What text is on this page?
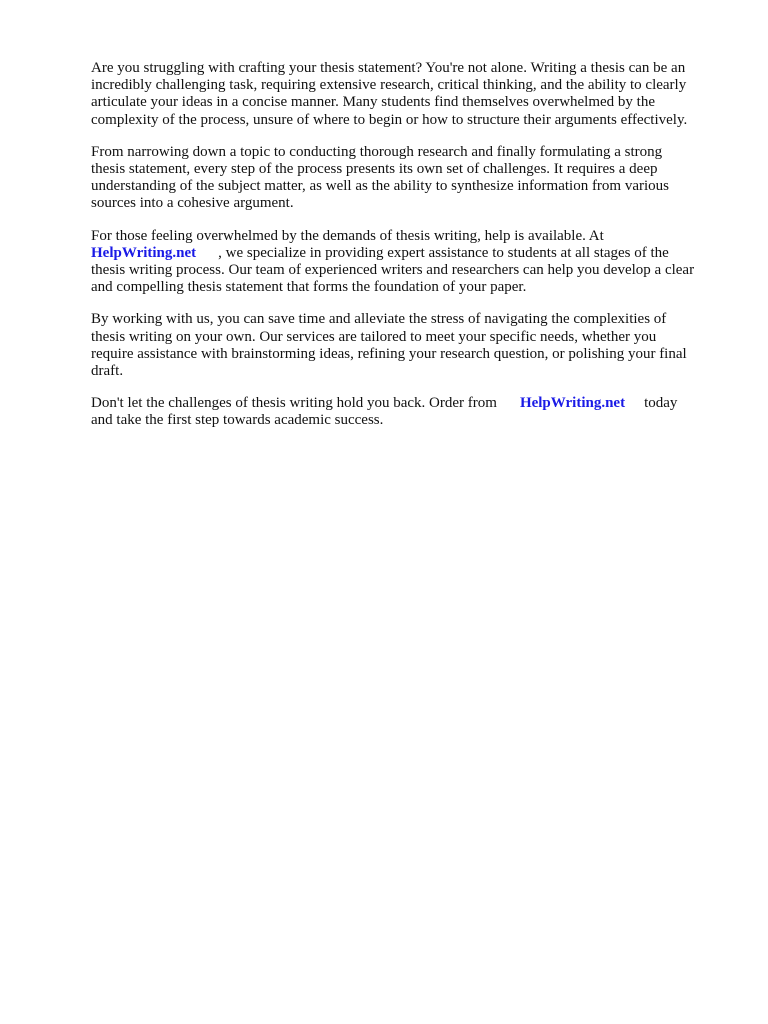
Are you struggling with crafting your thesis statement? You're not alone. Writing a thesis can be an
incredibly challenging task, requiring extensive research, critical thinking, and the ability to clearly
articulate your ideas in a concise manner. Many students find themselves overwhelmed by the
complexity of the process, unsure of where to begin or how to structure their arguments effectively.

From narrowing down a topic to conducting thorough research and finally formulating a strong
thesis statement, every step of the process presents its own set of challenges. It requires a deep
understanding of the subject matter, as well as the ability to synthesize information from various
sources into a cohesive argument.

For those feeling overwhelmed by the demands of thesis writing, help is available. At
HelpWriting.net , we specialize in providing expert assistance to students at all stages of the
thesis writing process. Our team of experienced writers and researchers can help you develop a clear
and compelling thesis statement that forms the foundation of your paper.

By working with us, you can save time and alleviate the stress of navigating the complexities of
thesis writing on your own. Our services are tailored to meet your specific needs, whether you
require assistance with brainstorming ideas, refining your research question, or polishing your final
draft.

Don't let the challenges of thesis writing hold you back. Order from HelpWriting.net today
and take the first step towards academic success.
